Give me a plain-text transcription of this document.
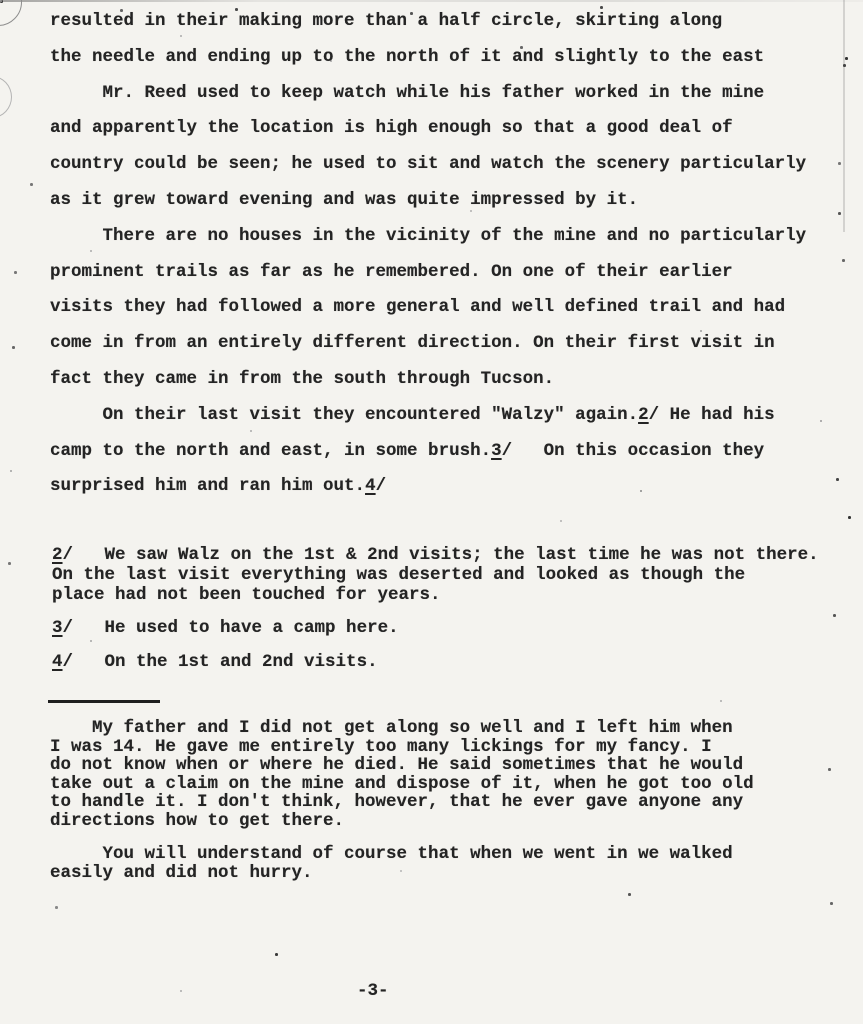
resulted in their making more than a half circle, skirting along
the needle and ending up to the north of it and slightly to the east
Mr. Reed used to keep watch while his father worked in the mine
and apparently the location is high enough so that a good deal of
country could be seen; he used to sit and watch the scenery particularly
as it grew toward evening and was quite impressed by it.
There are no houses in the vicinity of the mine and no particularly
prominent trails as far as he remembered. On one of their earlier
visits they had followed a more general and well defined trail and had
come in from an entirely different direction. On their first visit in
fact they came in from the south through Tucson.
On their last visit they encountered "Walzy" again.2/ He had his
camp to the north and east, in some brush.3/   On this occasion they
surprised him and ran him out.4/
2/   We saw Walz on the 1st & 2nd visits; the last time he was not there.
On the last visit everything was deserted and looked as though the
place had not been touched for years.
3/   He used to have a camp here.
4/   On the 1st and 2nd visits.
My father and I did not get along so well and I left him when
I was 14. He gave me entirely too many lickings for my fancy. I
do not know when or where he died. He said sometimes that he would
take out a claim on the mine and dispose of it, when he got too old
to handle it. I don't think, however, that he ever gave anyone any
directions how to get there.
You will understand of course that when we went in we walked
easily and did not hurry.
-3-
